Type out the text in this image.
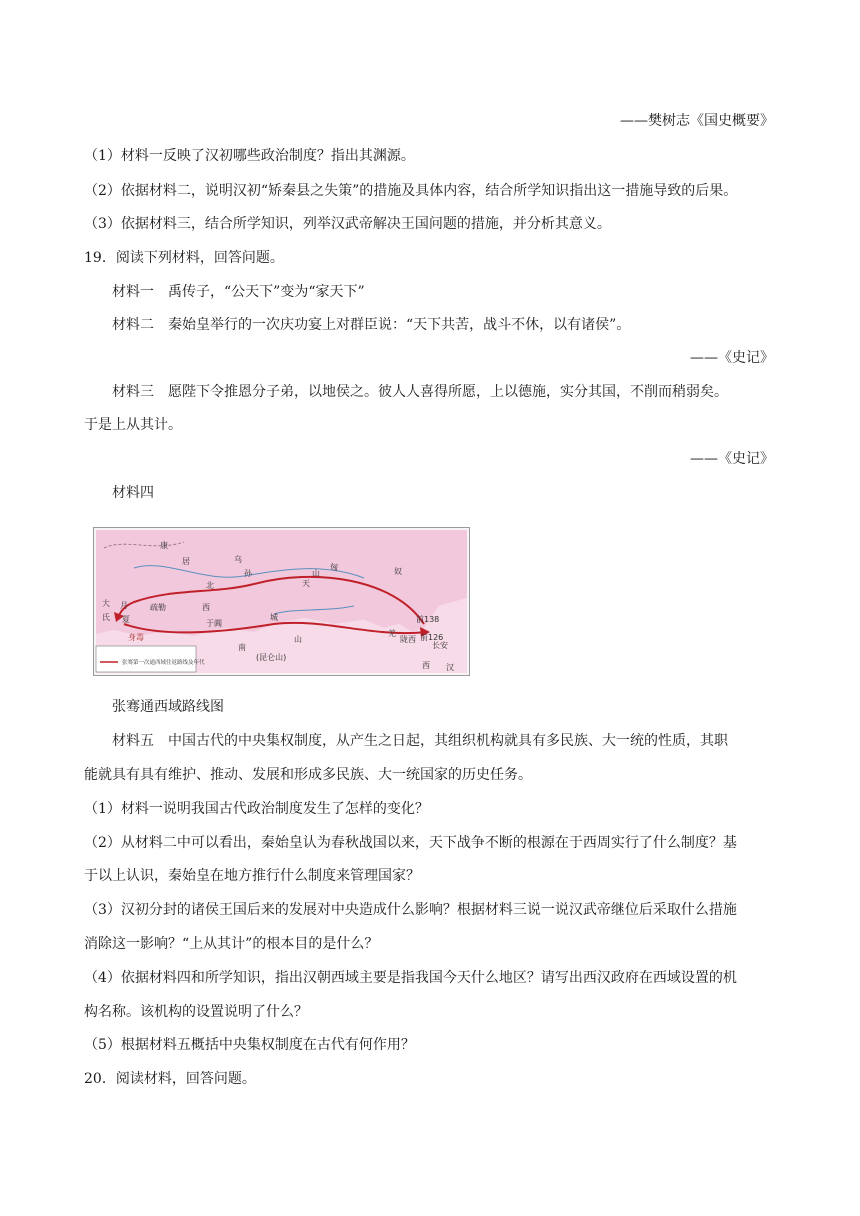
——樊树志《国史概要》
（1）材料一反映了汉初哪些政治制度？指出其渊源。
（2）依据材料二，说明汉初“矫秦县之失策”的措施及具体内容，结合所学知识指出这一措施导致的后果。
（3）依据材料三，结合所学知识，列举汉武帝解决王国问题的措施，并分析其意义。
19．阅读下列材料，回答问题。
材料一　禹传子，“公天下”变为“家天下”
材料二　秦始皇举行的一次庆功宴上对群臣说：“天下共苦，战斗不休，以有诸侯”。
——《史记》
材料三　愿陛下令推恩分子弟，以地侯之。彼人人喜得所愿，上以德施，实分其国，不削而稍弱矣。
于是上从其计。
——《史记》
材料四
康
居	乌
孙
天
山
匈	奴
北
大 月
氏 夏
疏勒	西
于阗
城
南
山
(昆仑山)
羌
陇西
长安
西 汉
前138
前126
身毒
张骞第一次通西域往返路线及年代
张骞通西域路线图
材料五　中国古代的中央集权制度，从产生之日起，其组织机构就具有多民族、大一统的性质，其职
能就具有具有维护、推动、发展和形成多民族、大一统国家的历史任务。
（1）材料一说明我国古代政治制度发生了怎样的变化？
（2）从材料二中可以看出，秦始皇认为春秋战国以来，天下战争不断的根源在于西周实行了什么制度？基
于以上认识，秦始皇在地方推行什么制度来管理国家？
（3）汉初分封的诸侯王国后来的发展对中央造成什么影响？根据材料三说一说汉武帝继位后采取什么措施
消除这一影响？“上从其计”的根本目的是什么？
（4）依据材料四和所学知识，指出汉朝西域主要是指我国今天什么地区？请写出西汉政府在西域设置的机
构名称。该机构的设置说明了什么？
（5）根据材料五概括中央集权制度在古代有何作用？
20．阅读材料，回答问题。
